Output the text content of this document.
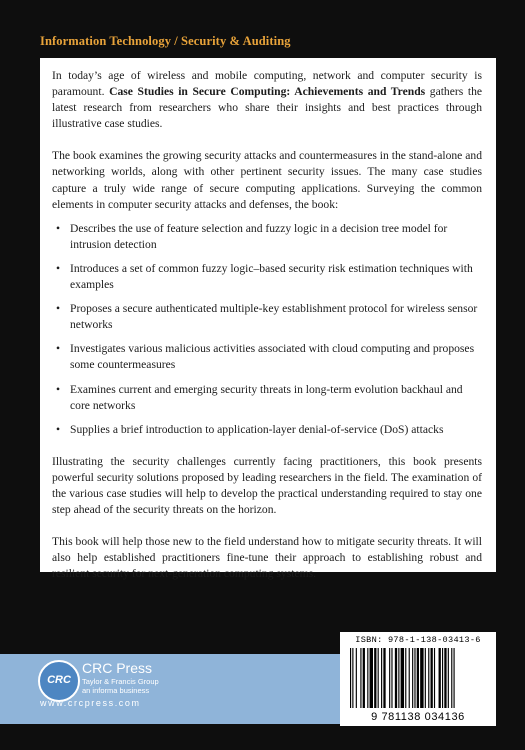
Information Technology / Security & Auditing

In today’s age of wireless and mobile computing, network and computer security is paramount. Case Studies in Secure Computing: Achievements and Trends gathers the latest research from researchers who share their insights and best practices through illustrative case studies.

The book examines the growing security attacks and countermeasures in the stand-alone and networking worlds, along with other pertinent security issues. The many case studies capture a truly wide range of secure computing applications. Surveying the common elements in computer security attacks and defenses, the book:

• Describes the use of feature selection and fuzzy logic in a decision tree model for intrusion detection
• Introduces a set of common fuzzy logic–based security risk estimation techniques with examples
• Proposes a secure authenticated multiple-key establishment protocol for wireless sensor networks
• Investigates various malicious activities associated with cloud computing and proposes some countermeasures
• Examines current and emerging security threats in long-term evolution backhaul and core networks
• Supplies a brief introduction to application-layer denial-of-service (DoS) attacks

Illustrating the security challenges currently facing practitioners, this book presents powerful security solutions proposed by leading researchers in the field. The examination of the various case studies will help to develop the practical understanding required to stay one step ahead of the security threats on the horizon.

This book will help those new to the field understand how to mitigate security threats. It will also help established practitioners fine-tune their approach to establishing robust and resilient security for next-generation computing systems.

CRC
CRC Press
Taylor & Francis Group
an informa business
www.crcpress.com
ISBN: 978-1-138-03413-6
9 781138 034136
